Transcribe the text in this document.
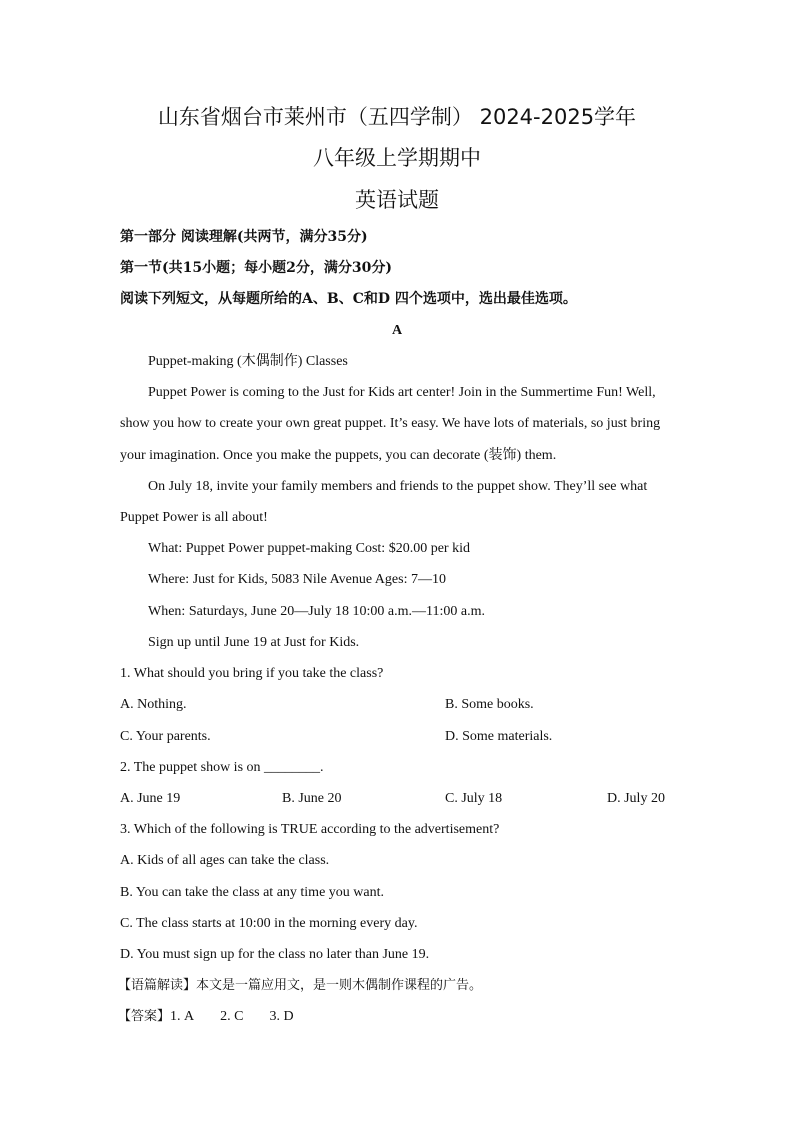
山东省烟台市莱州市（五四学制） 2024-2025学年
八年级上学期期中
英语试题
第一部分 阅读理解(共两节，满分35分)
第一节(共15小题；每小题2分，满分30分)
阅读下列短文，从每题所给的A、B、C和D 四个选项中，选出最佳选项。
A
Puppet-making (木偶制作) Classes
Puppet Power is coming to the Just for Kids art center! Join in the Summertime Fun! Well,
show you how to create your own great puppet. It’s easy. We have lots of materials, so just bring
your imagination. Once you make the puppets, you can decorate (装饰) them.
On July 18, invite your family members and friends to the puppet show. They’ll see what
Puppet Power is all about!
What: Puppet Power puppet-making Cost: $20.00 per kid
Where: Just for Kids, 5083 Nile Avenue Ages: 7—10
When: Saturdays, June 20—July 18 10:00 a.m.—11:00 a.m.
Sign up until June 19 at Just for Kids.
1. What should you bring if you take the class?
A. Nothing.	B. Some books.
C. Your parents.	D. Some materials.
2. The puppet show is on ________.
A. June 19	B. June 20	C. July 18	D. July 20
3. Which of the following is TRUE according to the advertisement?
A. Kids of all ages can take the class.
B. You can take the class at any time you want.
C. The class starts at 10:00 in the morning every day.
D. You must sign up for the class no later than June 19.
【语篇解读】本文是一篇应用文，是一则木偶制作课程的广告。
【答案】1. A 2. C 3. D
